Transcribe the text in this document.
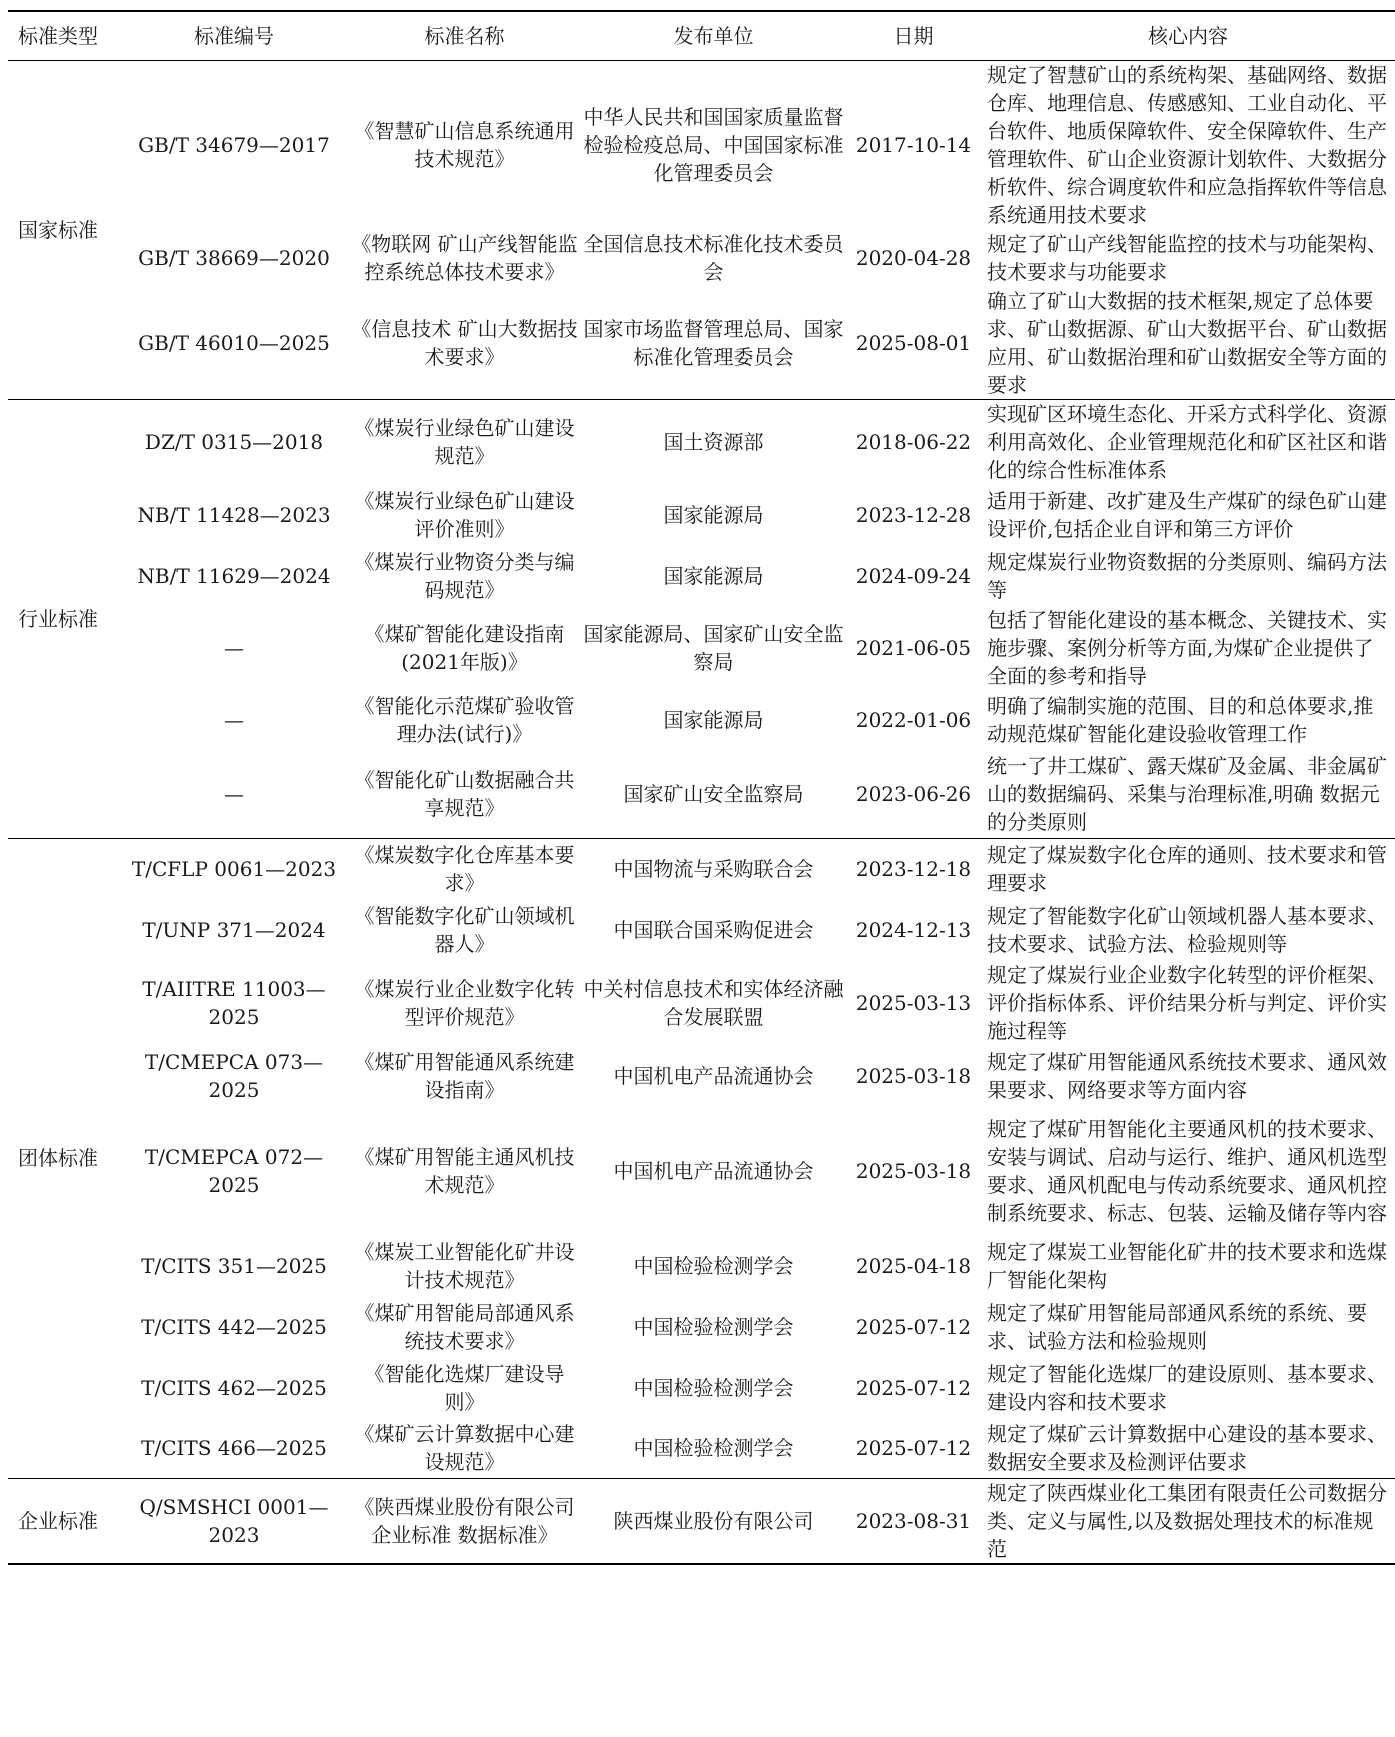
标准类型	标准编号	标准名称	发布单位	日期	核心内容
国家标准	GB/T 34679—2017	《智慧矿山信息系统通用技术规范》	中华人民共和国国家质量监督检验检疫总局、中国国家标准化管理委员会	2017-10-14	规定了智慧矿山的系统构架、基础网络、数据仓库、地理信息、传感感知、工业自动化、平台软件、地质保障软件、安全保障软件、生产管理软件、矿山企业资源计划软件、大数据分析软件、综合调度软件和应急指挥软件等信息系统通用技术要求
	GB/T 38669—2020	《物联网 矿山产线智能监控系统总体技术要求》	全国信息技术标准化技术委员会	2020-04-28	规定了矿山产线智能监控的技术与功能架构、技术要求与功能要求
	GB/T 46010—2025	《信息技术 矿山大数据技术要求》	国家市场监督管理总局、国家标准化管理委员会	2025-08-01	确立了矿山大数据的技术框架,规定了总体要求、矿山数据源、矿山大数据平台、矿山数据应用、矿山数据治理和矿山数据安全等方面的要求
行业标准	DZ/T 0315—2018	《煤炭行业绿色矿山建设规范》	国土资源部	2018-06-22	实现矿区环境生态化、开采方式科学化、资源利用高效化、企业管理规范化和矿区社区和谐化的综合性标准体系
	NB/T 11428—2023	《煤炭行业绿色矿山建设评价准则》	国家能源局	2023-12-28	适用于新建、改扩建及生产煤矿的绿色矿山建设评价,包括企业自评和第三方评价
	NB/T 11629—2024	《煤炭行业物资分类与编码规范》	国家能源局	2024-09-24	规定煤炭行业物资数据的分类原则、编码方法等
	—	《煤矿智能化建设指南(2021年版)》	国家能源局、国家矿山安全监察局	2021-06-05	包括了智能化建设的基本概念、关键技术、实施步骤、案例分析等方面,为煤矿企业提供了全面的参考和指导
	—	《智能化示范煤矿验收管理办法(试行)》	国家能源局	2022-01-06	明确了编制实施的范围、目的和总体要求,推动规范煤矿智能化建设验收管理工作
	—	《智能化矿山数据融合共享规范》	国家矿山安全监察局	2023-06-26	统一了井工煤矿、露天煤矿及金属、非金属矿山的数据编码、采集与治理标准,明确 数据元的分类原则
团体标准	T/CFLP 0061—2023	《煤炭数字化仓库基本要求》	中国物流与采购联合会	2023-12-18	规定了煤炭数字化仓库的通则、技术要求和管理要求
	T/UNP 371—2024	《智能数字化矿山领域机器人》	中国联合国采购促进会	2024-12-13	规定了智能数字化矿山领域机器人基本要求、技术要求、试验方法、检验规则等
	T/AIITRE 11003—2025	《煤炭行业企业数字化转型评价规范》	中关村信息技术和实体经济融合发展联盟	2025-03-13	规定了煤炭行业企业数字化转型的评价框架、评价指标体系、评价结果分析与判定、评价实施过程等
	T/CMEPCA 073—2025	《煤矿用智能通风系统建设指南》	中国机电产品流通协会	2025-03-18	规定了煤矿用智能通风系统技术要求、通风效果要求、网络要求等方面内容
	T/CMEPCA 072—2025	《煤矿用智能主通风机技术规范》	中国机电产品流通协会	2025-03-18	规定了煤矿用智能化主要通风机的技术要求、安装与调试、启动与运行、维护、通风机选型要求、通风机配电与传动系统要求、通风机控制系统要求、标志、包装、运输及储存等内容
	T/CITS 351—2025	《煤炭工业智能化矿井设计技术规范》	中国检验检测学会	2025-04-18	规定了煤炭工业智能化矿井的技术要求和选煤厂智能化架构
	T/CITS 442—2025	《煤矿用智能局部通风系统技术要求》	中国检验检测学会	2025-07-12	规定了煤矿用智能局部通风系统的系统、要求、试验方法和检验规则
	T/CITS 462—2025	《智能化选煤厂建设导则》	中国检验检测学会	2025-07-12	规定了智能化选煤厂的建设原则、基本要求、建设内容和技术要求
	T/CITS 466—2025	《煤矿云计算数据中心建设规范》	中国检验检测学会	2025-07-12	规定了煤矿云计算数据中心建设的基本要求、数据安全要求及检测评估要求
企业标准	Q/SMSHCI 0001—2023	《陕西煤业股份有限公司企业标准 数据标准》	陕西煤业股份有限公司	2023-08-31	规定了陕西煤业化工集团有限责任公司数据分类、定义与属性,以及数据处理技术的标准规范
